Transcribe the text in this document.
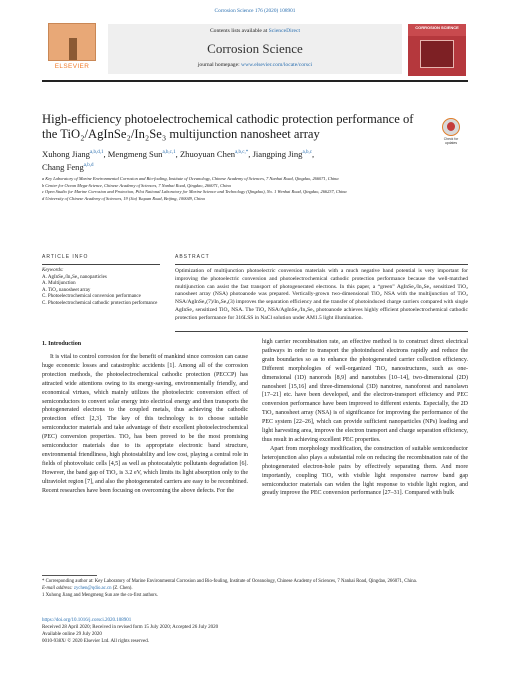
Corrosion Science 176 (2020) 108901
ELSEVIER
Contents lists available at ScienceDirect
Corrosion Science
journal homepage: www.elsevier.com/locate/corsci
CORROSION SCIENCE
High-efficiency photoelectrochemical cathodic protection performance of
the TiO₂/AgInSe₂/In₂Se₃ multijunction nanosheet array	Check for updates
Xuhong Jiang$^{a,b,d,1}$, Mengmeng Sun$^{a,b,c,1}$, Zhuoyuan Chen$^{a,b,c,*}$, Jiangping Jing$^{a,b,c}$,
Chang Feng$^{a,b,d}$
a Key Laboratory of Marine Environmental Corrosion and Bio-fouling, Institute of Oceanology, Chinese Academy of Sciences, 7 Nanhai Road, Qingdao, 266071, China
b Center for Ocean Mega-Science, Chinese Academy of Sciences, 7 Nanhai Road, Qingdao, 266071, China
c Open Studio for Marine Corrosion and Protection, Pilot National Laboratory for Marine Science and Technology (Qingdao), No. 1 Wenhai Road, Qingdao, 266237, China
d University of Chinese Academy of Sciences, 19 (Jia) Yuquan Road, Beijing, 100049, China
ARTICLE INFO	ABSTRACT
Keywords:
A. AgInSe₂/In₂Se₃ nanoparticles
A. Multijunction
A. TiO₂ nanosheet array
C. Photoelectrochemical conversion performance
C. Photoelectrochemical cathodic protection performance
Optimization of multijunction photoelectric conversion materials with a much negative band potential is very important for improving the photoelectric conversion and photoelectrochemical cathodic protection performance because the well-matched multijunction can assist the fast transport of photogenerated electrons. In this paper, a “green” AgInSe₂/In₂Se₃ sensitized TiO₂ nanosheet array (NSA) photoanode was prepared. Vertically-grown two-dimensional TiO₂ NSA with the multijunction of TiO₂ NSA/AgInSe₂(7)/In₂Se₃(3) improves the separation efficiency and the transfer of photoinduced charge carriers compared with single AgInSe₂ sensitized TiO₂ NSA. The TiO₂ NSA/AgInSe₂/In₂Se₃ photoanode achieves highly efficient photoelectrochemical cathodic protection performance for 316LSS in NaCl solution under AM1.5 light illumination.
1. Introduction

It is vital to control corrosion for the benefit of mankind since corrosion can cause huge economic losses and catastrophic accidents [1]. Among all of the corrosion protection methods, the photoelectrochemical cathodic protection (PECCP) has attracted wide attentions owing to its energy-saving, environmentally friendly, and economical virtues, which mainly utilizes the photoelectric conversion effect of semiconductors to convert solar energy into electrical energy and then transports the photogenerated electrons to the coupled metals, thus achieving the cathodic protection effect [2,3]. The key of this technology is to choose suitable semiconductor materials and take advantage of their excellent photoelectrochemical (PEC) conversion properties. TiO₂ has been proved to be the most promising semiconductor materials due to its appropriate electronic band structure, environmental friendliness, high photostability and low cost, playing a central role in fields of photovoltaic cells [4,5] as well as photocatalytic pollutants degradation [6]. However, the band gap of TiO₂ is 3.2 eV, which limits its light absorption only to the ultraviolet region [7], and also the photogenerated carriers are easy to be recombined. Recent researches have been focusing on overcoming the above defects. For the

high carrier recombination rate, an effective method is to construct direct electrical pathways in order to transport the photoinduced electrons rapidly and reduce the grain boundaries so as to enhance the photogenerated carrier collection efficiency. Different morphologies of well-organized TiO₂ nanostructures, such as one-dimensional (1D) nanorods [8,9] and nanotubes [10–14], two-dimensional (2D) nanosheet [15,16] and three-dimensional (3D) nanotree, nanoforest and nanolawn [17–21] etc. have been developed, and the electron-transport efficiency and PEC conversion performance have been improved to different extents. Especially, the 2D TiO₂ nanosheet array (NSA) is of significance for improving the performance of the PEC system [22–26], which can provide sufficient nanoparticles (NPs) loading and light harvesting area, improve the electron transport and charge separation efficiency, thus result in achieving excellent PEC properties.

Apart from morphology modification, the construction of suitable semiconductor heterojunction also plays a substantial role on reducing the recombination rate of the photogenerated electron-hole pairs by effectively separating them. And more importantly, coupling TiO₂ with visible light responsive narrow band gap semiconductor materials can widen the light response to visible light region, and greatly improve the PEC conversion performance [27–31]. Compared with bulk

* Corresponding author at: Key Laboratory of Marine Environmental Corrosion and Bio-fouling, Institute of Oceanology, Chinese Academy of Sciences, 7 Nanhai Road, Qingdao, 266071, China.
E-mail address: zychen@qdio.ac.cn (Z. Chen).
1 Xuhong Jiang and Mengmeng Sun are the co-first authors.
https://doi.org/10.1016/j.corsci.2020.108901
Received 28 April 2020; Received in revised form 15 July 2020; Accepted 26 July 2020
Available online 29 July 2020
0010-938X/ © 2020 Elsevier Ltd. All rights reserved.
